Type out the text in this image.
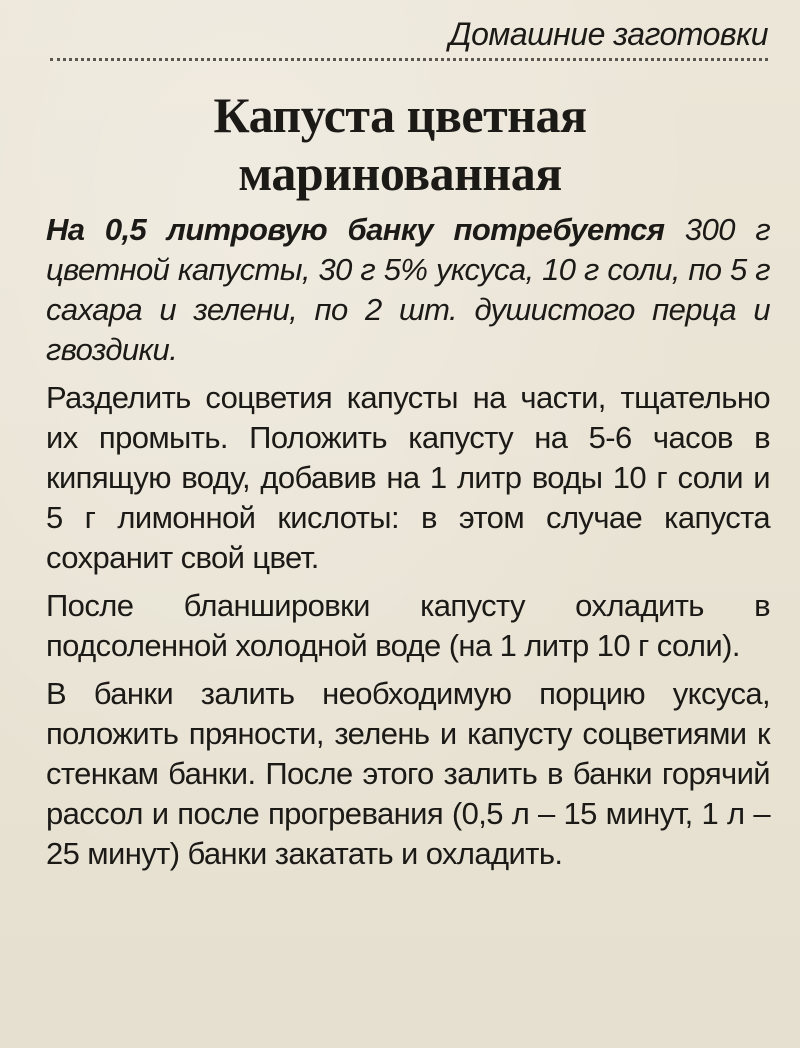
Домашние заготовки
Капуста цветная
маринованная

На 0,5 литровую банку потребуется 300 г цветной капусты, 30 г 5% уксуса, 10 г соли, по 5 г сахара и зелени, по 2 шт. душистого перца и гвоздики.

Разделить соцветия капусты на части, тщательно их промыть. Положить капусту на 5-6 часов в кипящую воду, добавив на 1 литр воды 10 г соли и 5 г лимонной кислоты: в этом случае капуста сохранит свой цвет.

После бланшировки капусту охладить в подсоленной холодной воде (на 1 литр 10 г соли).

В банки залить необходимую порцию уксуса, положить пряности, зелень и капусту соцветиями к стенкам банки. После этого залить в банки горячий рассол и после прогревания (0,5 л – 15 минут, 1 л – 25 минут) банки закатать и охладить.
